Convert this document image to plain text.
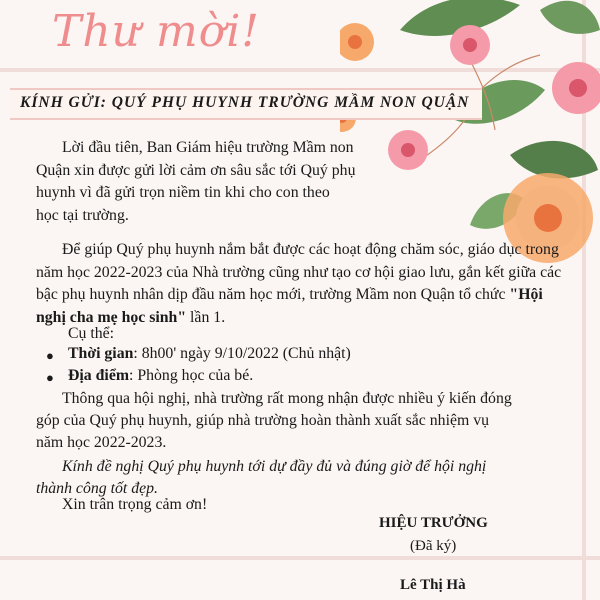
Thư mời!
KÍNH GỬI: QUÝ PHỤ HUYNH TRƯỜNG MẦM NON QUẬN

Lời đầu tiên, Ban Giám hiệu trường Mầm non Quận xin được gửi lời cảm ơn sâu sắc tới Quý phụ huynh vì đã gửi trọn niềm tin khi cho con theo học tại trường.

Để giúp Quý phụ huynh nắm bắt được các hoạt động chăm sóc, giáo dục trong năm học 2022-2023 của Nhà trường cũng như tạo cơ hội giao lưu, gắn kết giữa các bậc phụ huynh nhân dịp đầu năm học mới, trường Mầm non Quận tổ chức "Hội nghị cha mẹ học sinh" lần 1.

Cụ thể:
● Thời gian: 8h00' ngày 9/10/2022 (Chủ nhật)
● Địa điểm: Phòng học của bé.
Thông qua hội nghị, nhà trường rất mong nhận được nhiều ý kiến đóng
góp của Quý phụ huynh, giúp nhà trường hoàn thành xuất sắc nhiệm vụ
năm học 2022-2023.
Kính đề nghị Quý phụ huynh tới dự đầy đủ và đúng giờ để hội nghị
thành công tốt đẹp.
Xin trân trọng cảm ơn!
HIỆU TRƯỞNG
(Đã ký)
Lê Thị Hà
